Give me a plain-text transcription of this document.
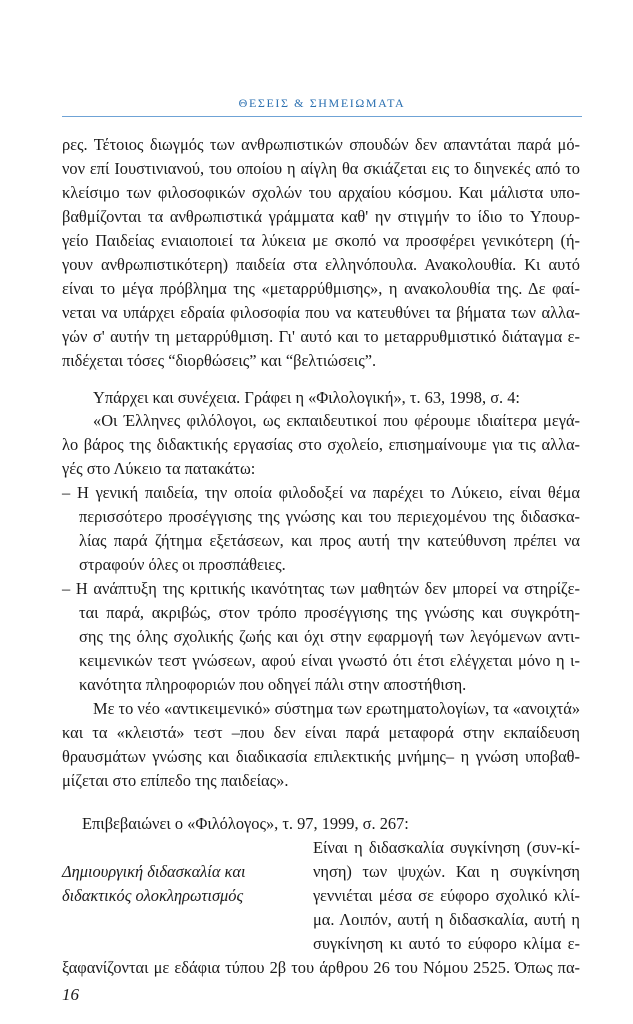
ΘΕΣΕΙΣ & ΣΗΜΕΙΩΜΑΤΑ
ρες. Τέτοιος διωγμός των ανθρωπιστικών σπουδών δεν απαντάται παρά μό-
νον επί Ιουστινιανού, του οποίου η αίγλη θα σκιάζεται εις το διηνεκές από το
κλείσιμο των φιλοσοφικών σχολών του αρχαίου κόσμου. Και μάλιστα υπο-
βαθμίζονται τα ανθρωπιστικά γράμματα καθ' ην στιγμήν το ίδιο το Υπουρ-
γείο Παιδείας ενιαιοποιεί τα λύκεια με σκοπό να προσφέρει γενικότερη (ή-
γουν ανθρωπιστικότερη) παιδεία στα ελληνόπουλα. Ανακολουθία. Κι αυτό
είναι το μέγα πρόβλημα της «μεταρρύθμισης», η ανακολουθία της. Δε φαί-
νεται να υπάρχει εδραία φιλοσοφία που να κατευθύνει τα βήματα των αλλα-
γών σ' αυτήν τη μεταρρύθμιση. Γι' αυτό και το μεταρρυθμιστικό διάταγμα ε-
πιδέχεται τόσες “διορθώσεις” και “βελτιώσεις”.
Υπάρχει και συνέχεια. Γράφει η «Φιλολογική», τ. 63, 1998, σ. 4:
«Οι Έλληνες φιλόλογοι, ως εκπαιδευτικοί που φέρουμε ιδιαίτερα μεγά-
λο βάρος της διδακτικής εργασίας στο σχολείο, επισημαίνουμε για τις αλλα-
γές στο Λύκειο τα πατακάτω:
– Η γενική παιδεία, την οποία φιλοδοξεί να παρέχει το Λύκειο, είναι θέμα
περισσότερο προσέγγισης της γνώσης και του περιεχομένου της διδασκα-
λίας παρά ζήτημα εξετάσεων, και προς αυτή την κατεύθυνση πρέπει να
στραφούν όλες οι προσπάθειες.
– Η ανάπτυξη της κριτικής ικανότητας των μαθητών δεν μπορεί να στηρίζε-
ται παρά, ακριβώς, στον τρόπο προσέγγισης της γνώσης και συγκρότη-
σης της όλης σχολικής ζωής και όχι στην εφαρμογή των λεγόμενων αντι-
κειμενικών τεστ γνώσεων, αφού είναι γνωστό ότι έτσι ελέγχεται μόνο η ι-
κανότητα πληροφοριών που οδηγεί πάλι στην αποστήθιση.
Με το νέο «αντικειμενικό» σύστημα των ερωτηματολογίων, τα «ανοιχτά»
και τα «κλειστά» τεστ –που δεν είναι παρά μεταφορά στην εκπαίδευση
θραυσμάτων γνώσης και διαδικασία επιλεκτικής μνήμης– η γνώση υποβαθ-
μίζεται στο επίπεδο της παιδείας».
Επιβεβαιώνει ο «Φιλόλογος», τ. 97, 1999, σ. 267:
Είναι η διδασκαλία συγκίνηση (συν-κί-
Δημιουργική διδασκαλία και	νηση) των ψυχών. Και η συγκίνηση
διδακτικός ολοκληρωτισμός	γεννιέται μέσα σε εύφορο σχολικό κλί-
μα. Λοιπόν, αυτή η διδασκαλία, αυτή η
συγκίνηση κι αυτό το εύφορο κλίμα ε-
ξαφανίζονται με εδάφια τύπου 2β του άρθρου 26 του Νόμου 2525. Όπως πα-
16
